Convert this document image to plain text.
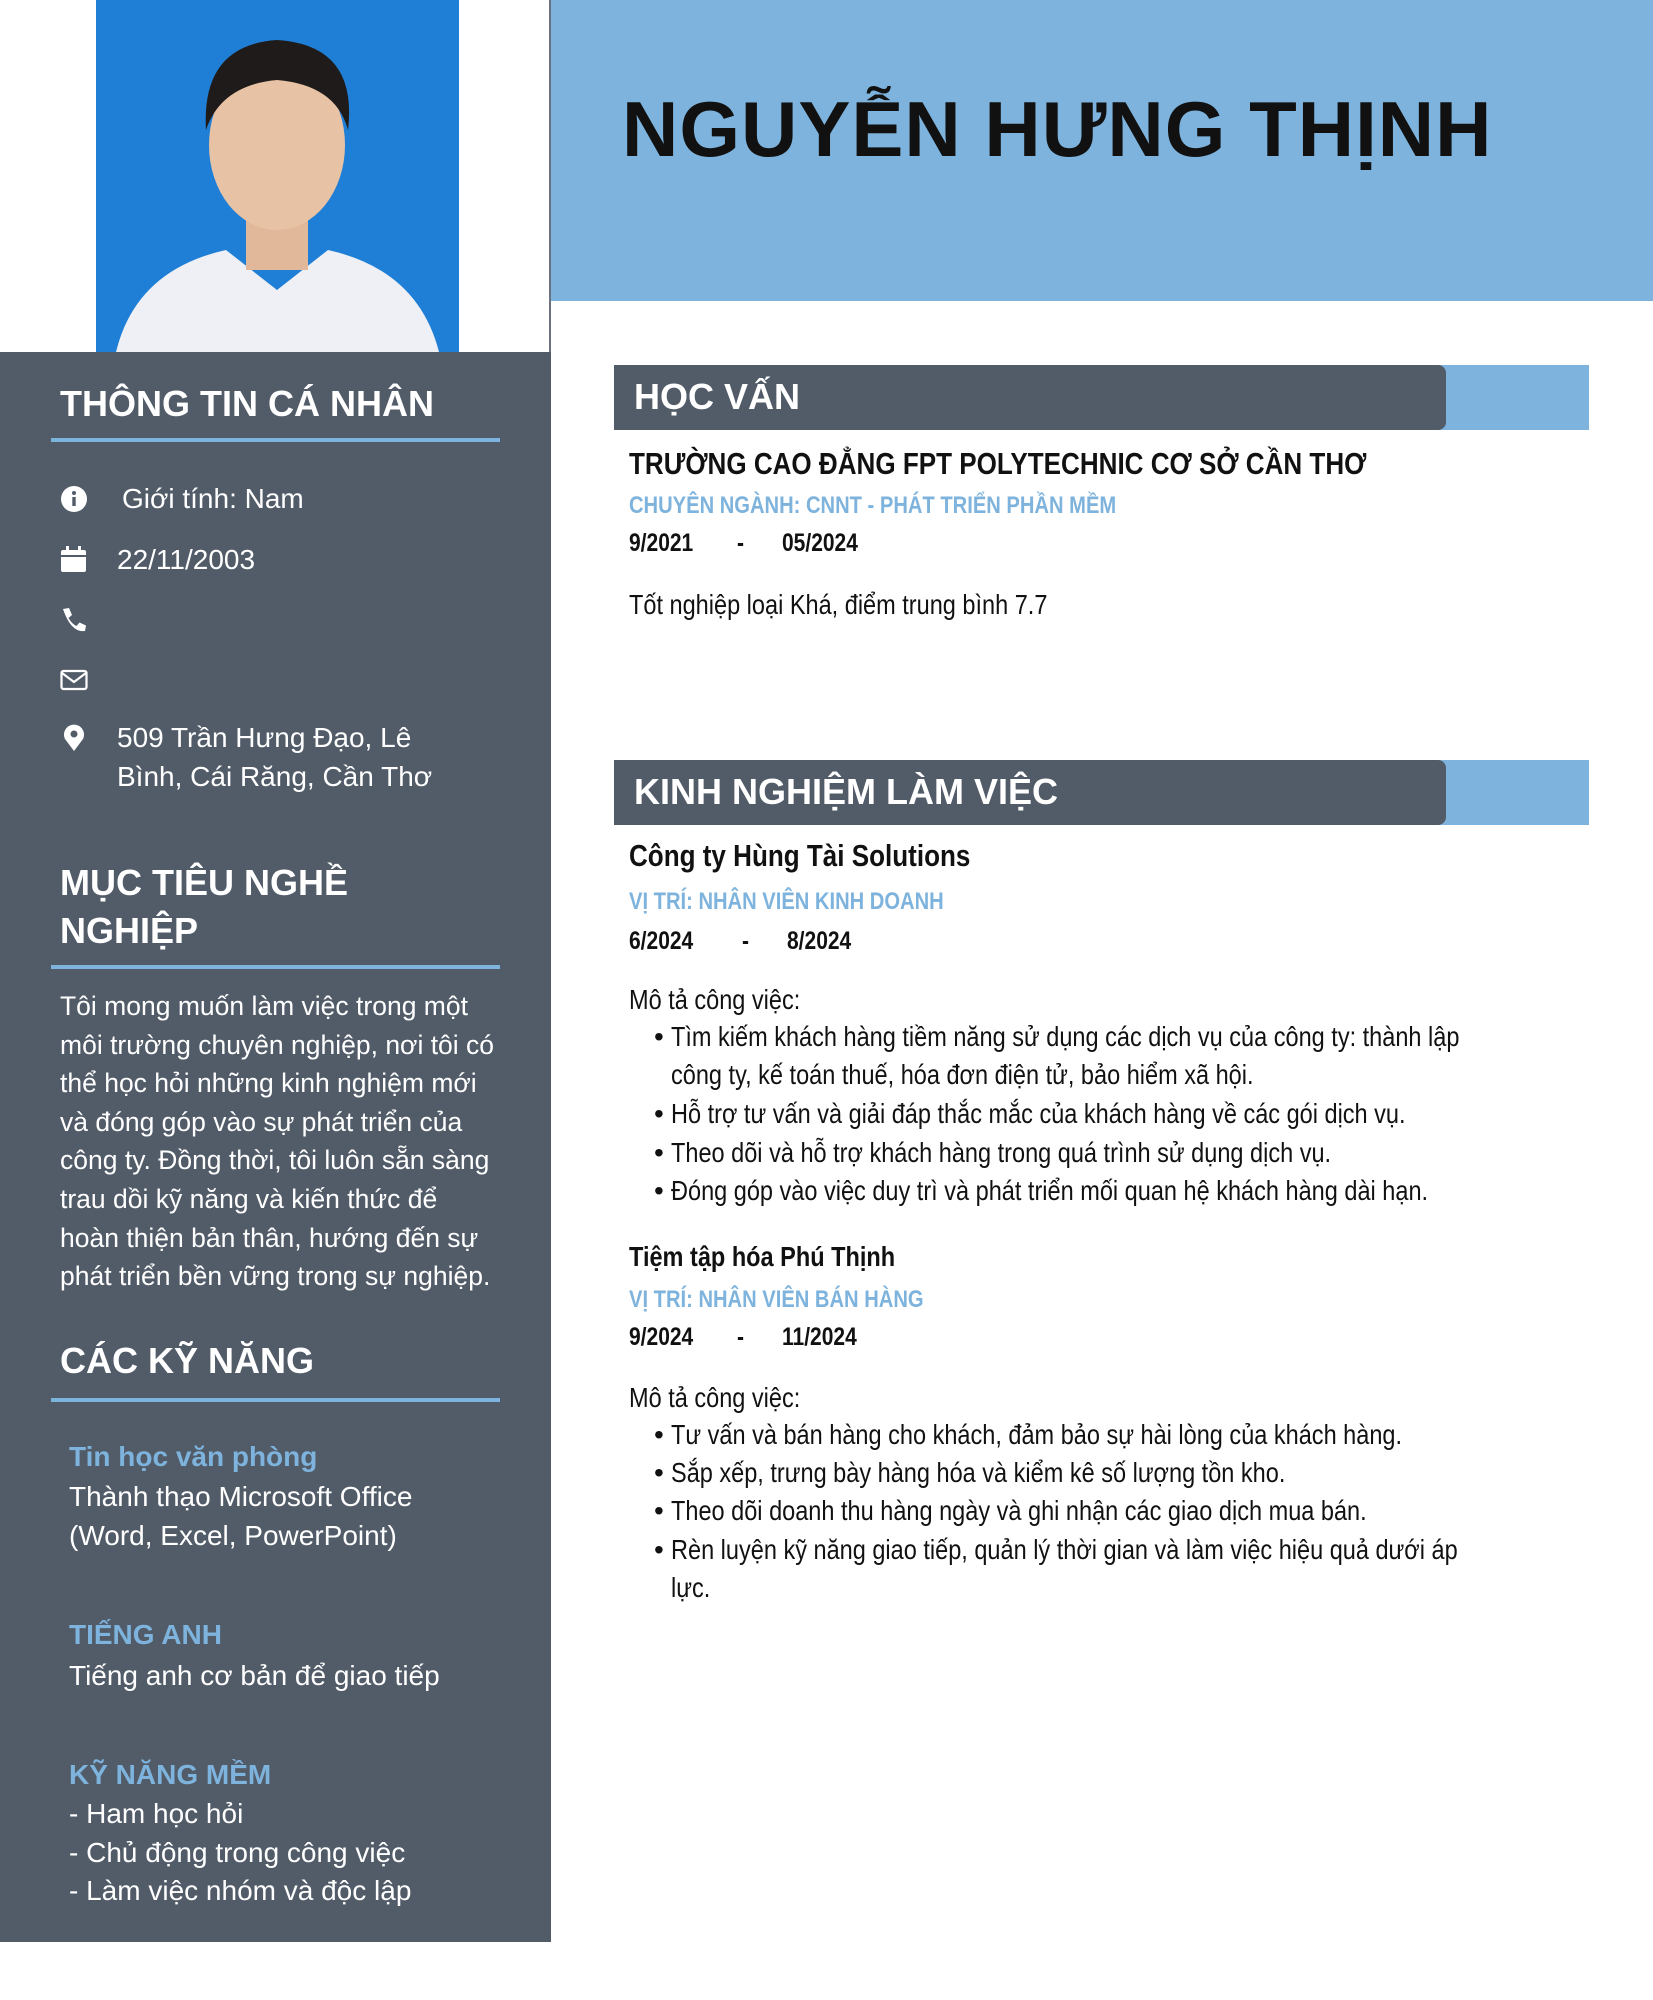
NGUYỄN HƯNG THỊNH
THÔNG TIN CÁ NHÂN
Giới tính: Nam
22/11/2003
509 Trần Hưng Đạo, Lê
Bình, Cái Răng, Cần Thơ
MỤC TIÊU NGHỀ
NGHIỆP
Tôi mong muốn làm việc trong một
môi trường chuyên nghiệp, nơi tôi có
thể học hỏi những kinh nghiệm mới
và đóng góp vào sự phát triển của
công ty. Đồng thời, tôi luôn sẵn sàng
trau dồi kỹ năng và kiến thức để
hoàn thiện bản thân, hướng đến sự
phát triển bền vững trong sự nghiệp.
CÁC KỸ NĂNG
Tin học văn phòng
Thành thạo Microsoft Office
(Word, Excel, PowerPoint)
TIẾNG ANH
Tiếng anh cơ bản để giao tiếp
KỸ NĂNG MỀM
- Ham học hỏi
- Chủ động trong công việc
- Làm việc nhóm và độc lập
HỌC VẤN
TRƯỜNG CAO ĐẲNG FPT POLYTECHNIC CƠ SỞ CẦN THƠ
CHUYÊN NGÀNH: CNNT - PHÁT TRIỂN PHẦN MỀM
9/2021 - 05/2024
Tốt nghiệp loại Khá, điểm trung bình 7.7
KINH NGHIỆM LÀM VIỆC
Công ty Hùng Tài Solutions
VỊ TRÍ: NHÂN VIÊN KINH DOANH
6/2024 - 8/2024
Mô tả công việc:
• Tìm kiếm khách hàng tiềm năng sử dụng các dịch vụ của công ty: thành lập
công ty, kế toán thuế, hóa đơn điện tử, bảo hiểm xã hội.
•Hỗ trợ tư vấn và giải đáp thắc mắc của khách hàng về các gói dịch vụ.
• Theo dõi và hỗ trợ khách hàng trong quá trình sử dụng dịch vụ.
• Đóng góp vào việc duy trì và phát triển mối quan hệ khách hàng dài hạn.
Tiệm tập hóa Phú Thịnh
VỊ TRÍ: NHÂN VIÊN BÁN HÀNG
9/2024 - 11/2024
Mô tả công việc:
• Tư vấn và bán hàng cho khách, đảm bảo sự hài lòng của khách hàng.
• Sắp xếp, trưng bày hàng hóa và kiểm kê số lượng tồn kho.
• Theo dõi doanh thu hàng ngày và ghi nhận các giao dịch mua bán.
• Rèn luyện kỹ năng giao tiếp, quản lý thời gian và làm việc hiệu quả dưới áp
lực.
